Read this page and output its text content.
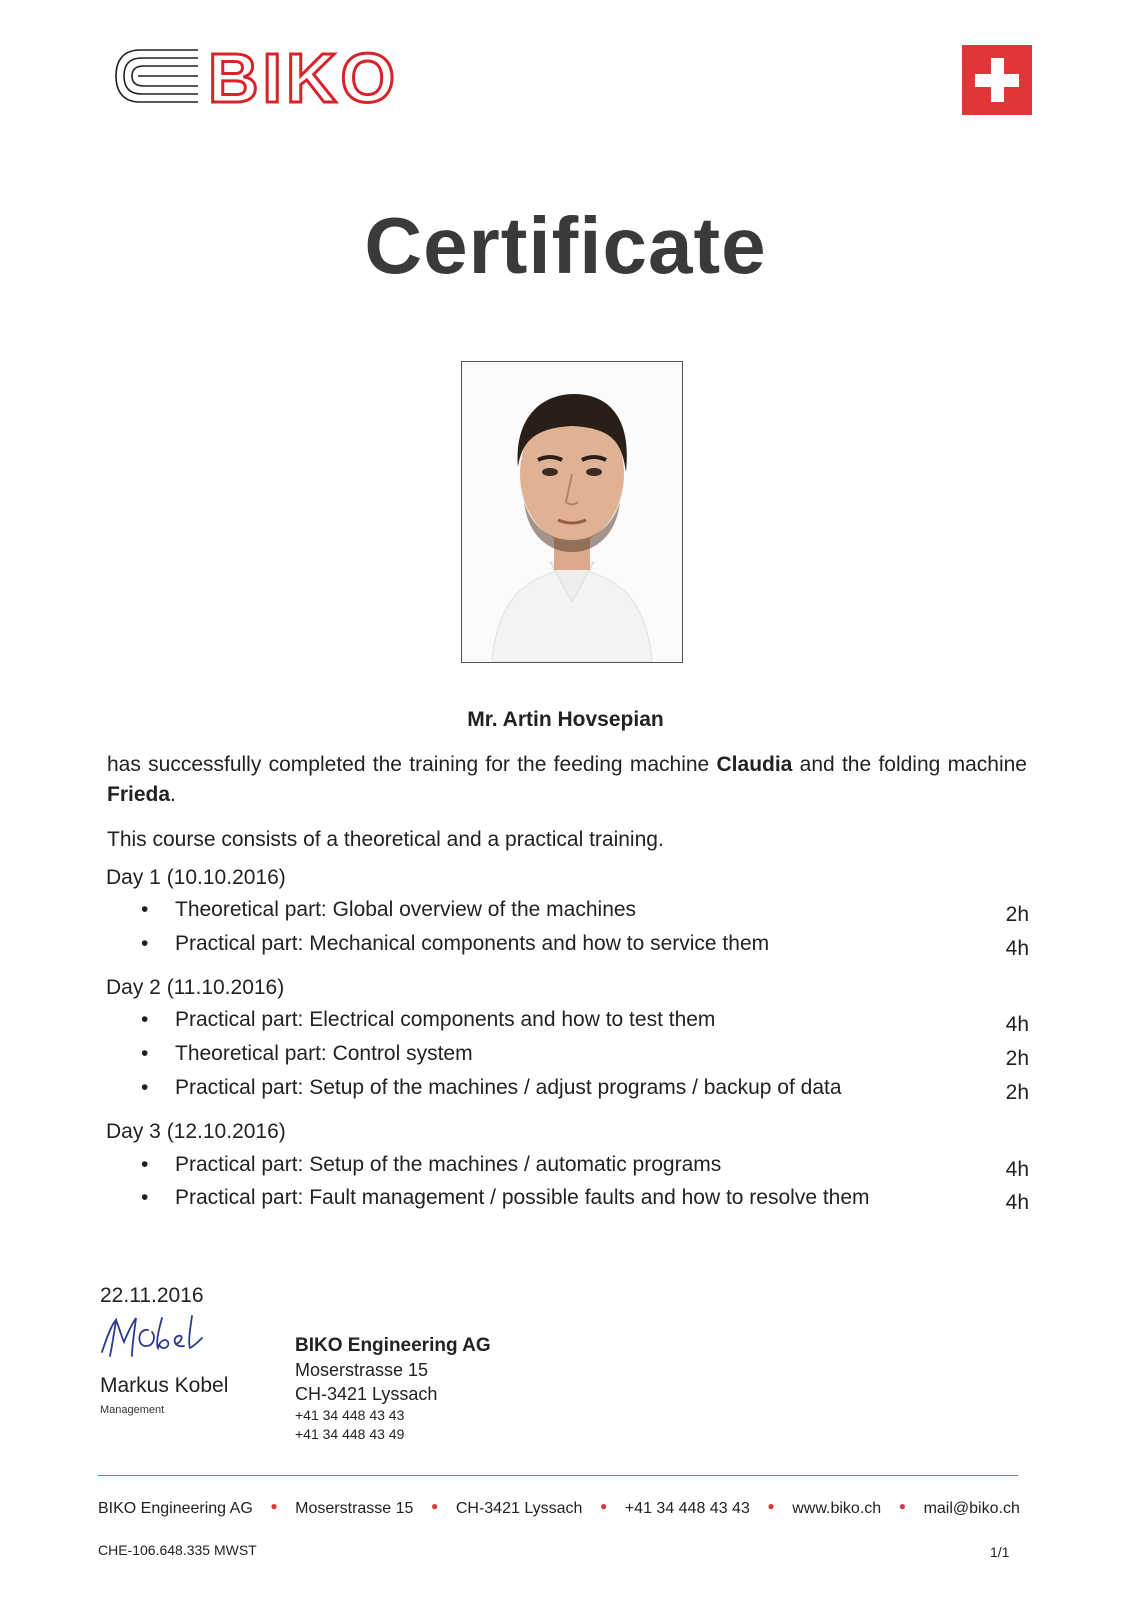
BIKO
Certificate
Mr. Artin Hovsepian
has successfully completed the training for the feeding machine Claudia and the folding machine Frieda.
This course consists of a theoretical and a practical training.
Day 1 (10.10.2016)
• Theoretical part: Global overview of the machines	2h
• Practical part: Mechanical components and how to service them	4h
Day 2 (11.10.2016)
• Practical part: Electrical components and how to test them	4h
• Theoretical part: Control system	2h
• Practical part: Setup of the machines / adjust programs / backup of data	2h
Day 3 (12.10.2016)
• Practical part: Setup of the machines / automatic programs	4h
• Practical part: Fault management / possible faults and how to resolve them	4h
22.11.2016
Markus Kobel
Management
BIKO Engineering AG
Moserstrasse 15
CH-3421 Lyssach
+41 34 448 43 43
+41 34 448 43 49
BIKO Engineering AG ● Moserstrasse 15 ● CH-3421 Lyssach ● +41 34 448 43 43 ● www.biko.ch ● mail@biko.ch
CHE-106.648.335 MWST	1/1
